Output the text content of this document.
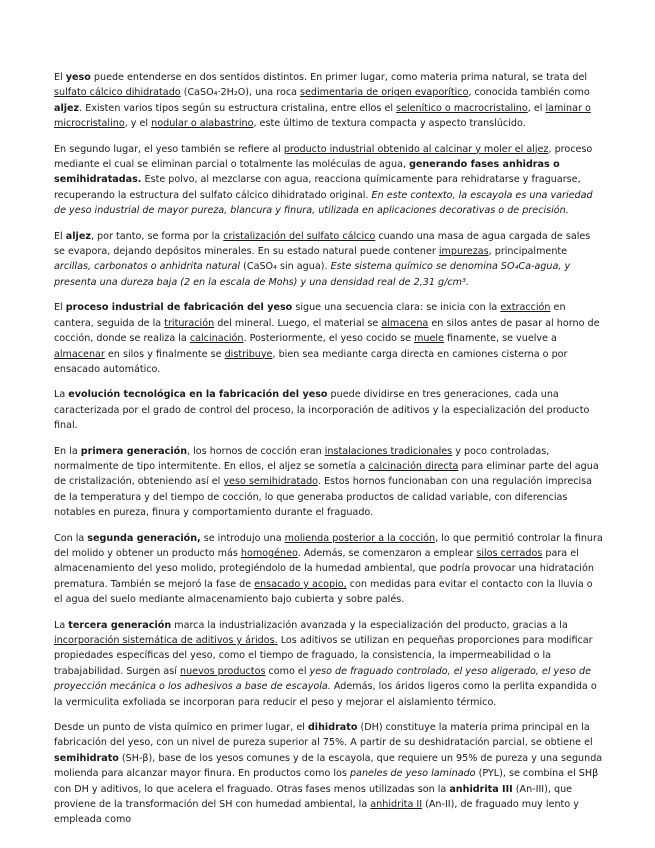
El yeso puede entenderse en dos sentidos distintos. En primer lugar, como materia prima natural, se trata del sulfato cálcico dihidratado (CaSO₄·2H₂O), una roca sedimentaria de origen evaporítico, conocida también como aljez. Existen varios tipos según su estructura cristalina, entre ellos el selenítico o macrocristalino, el laminar o microcristalino, y el nodular o alabastrino, este último de textura compacta y aspecto translúcido.

En segundo lugar, el yeso también se refiere al producto industrial obtenido al calcinar y moler el aljez, proceso mediante el cual se eliminan parcial o totalmente las moléculas de agua, generando fases anhidras o semihidratadas. Este polvo, al mezclarse con agua, reacciona químicamente para rehidratarse y fraguarse, recuperando la estructura del sulfato cálcico dihidratado original. En este contexto, la escayola es una variedad de yeso industrial de mayor pureza, blancura y finura, utilizada en aplicaciones decorativas o de precisión.

El aljez, por tanto, se forma por la cristalización del sulfato cálcico cuando una masa de agua cargada de sales se evapora, dejando depósitos minerales. En su estado natural puede contener impurezas, principalmente arcillas, carbonatos o anhidrita natural (CaSO₄ sin agua). Este sistema químico se denomina SO₄Ca-agua, y presenta una dureza baja (2 en la escala de Mohs) y una densidad real de 2,31 g/cm³.

El proceso industrial de fabricación del yeso sigue una secuencia clara: se inicia con la extracción en cantera, seguida de la trituración del mineral. Luego, el material se almacena en silos antes de pasar al horno de cocción, donde se realiza la calcinación. Posteriormente, el yeso cocido se muele finamente, se vuelve a almacenar en silos y finalmente se distribuye, bien sea mediante carga directa en camiones cisterna o por ensacado automático.

La evolución tecnológica en la fabricación del yeso puede dividirse en tres generaciones, cada una caracterizada por el grado de control del proceso, la incorporación de aditivos y la especialización del producto final.

En la primera generación, los hornos de cocción eran instalaciones tradicionales y poco controladas, normalmente de tipo intermitente. En ellos, el aljez se sometía a calcinación directa para eliminar parte del agua de cristalización, obteniendo así el yeso semihidratado. Estos hornos funcionaban con una regulación imprecisa de la temperatura y del tiempo de cocción, lo que generaba productos de calidad variable, con diferencias notables en pureza, finura y comportamiento durante el fraguado.

Con la segunda generación, se introdujo una molienda posterior a la cocción, lo que permitió controlar la finura del molido y obtener un producto más homogéneo. Además, se comenzaron a emplear silos cerrados para el almacenamiento del yeso molido, protegiéndolo de la humedad ambiental, que podría provocar una hidratación prematura. También se mejoró la fase de ensacado y acopio, con medidas para evitar el contacto con la lluvia o el agua del suelo mediante almacenamiento bajo cubierta y sobre palés.

La tercera generación marca la industrialización avanzada y la especialización del producto, gracias a la incorporación sistemática de aditivos y áridos. Los aditivos se utilizan en pequeñas proporciones para modificar propiedades específicas del yeso, como el tiempo de fraguado, la consistencia, la impermeabilidad o la trabajabilidad. Surgen así nuevos productos como el yeso de fraguado controlado, el yeso aligerado, el yeso de proyección mecánica o los adhesivos a base de escayola. Además, los áridos ligeros como la perlita expandida o la vermiculita exfoliada se incorporan para reducir el peso y mejorar el aislamiento térmico.

Desde un punto de vista químico en primer lugar, el dihidrato (DH) constituye la materia prima principal en la fabricación del yeso, con un nivel de pureza superior al 75%. A partir de su deshidratación parcial, se obtiene el semihidrato (SH-β), base de los yesos comunes y de la escayola, que requiere un 95% de pureza y una segunda molienda para alcanzar mayor finura. En productos como los paneles de yeso laminado (PYL), se combina el SHβ con DH y aditivos, lo que acelera el fraguado. Otras fases menos utilizadas son la anhidrita III (An-III), que proviene de la transformación del SH con humedad ambiental, la anhidrita II (An-II), de fraguado muy lento y empleada como
